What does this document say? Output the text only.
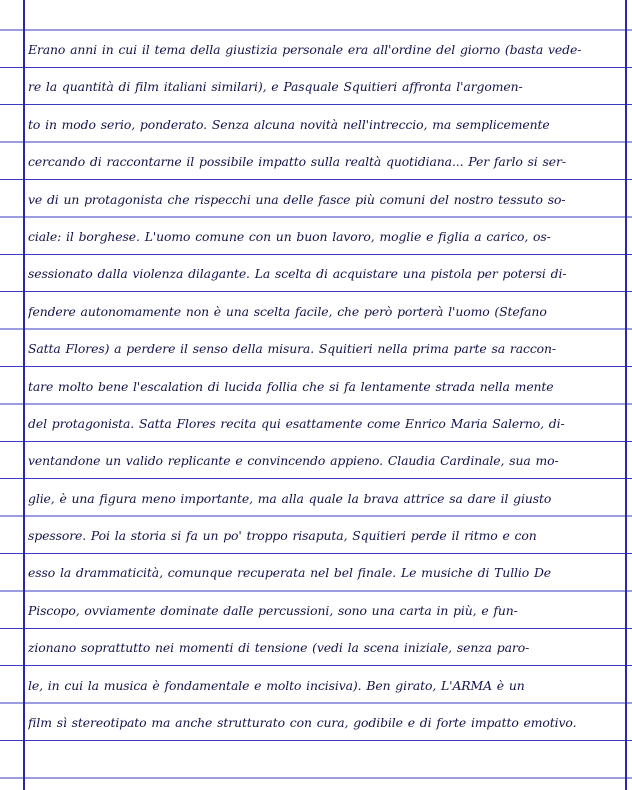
Erano anni in cui il tema della giustizia personale era all'ordine del giorno (basta vede-
re la quantità di film italiani similari), e Pasquale Squitieri affronta l'argomen-
to in modo serio, ponderato. Senza alcuna novità nell'intreccio, ma semplicemente
cercando di raccontarne il possibile impatto sulla realtà quotidiana... Per farlo si ser-
ve di un protagonista che rispecchi una delle fasce più comuni del nostro tessuto so-
ciale: il borghese. L'uomo comune con un buon lavoro, moglie e figlia a carico, os-
sessionato dalla violenza dilagante. La scelta di acquistare una pistola per potersi di-
fendere autonomamente non è una scelta facile, che però porterà l'uomo (Stefano
Satta Flores) a perdere il senso della misura. Squitieri nella prima parte sa raccon-
tare molto bene l'escalation di lucida follia che si fa lentamente strada nella mente
del protagonista. Satta Flores recita qui esattamente come Enrico Maria Salerno, di-
ventandone un valido replicante e convincendo appieno. Claudia Cardinale, sua mo-
glie, è una figura meno importante, ma alla quale la brava attrice sa dare il giusto
spessore. Poi la storia si fa un po' troppo risaputa, Squitieri perde il ritmo e con
esso la drammaticità, comunque recuperata nel bel finale. Le musiche di Tullio De
Piscopo, ovviamente dominate dalle percussioni, sono una carta in più, e fun-
zionano soprattutto nei momenti di tensione (vedi la scena iniziale, senza paro-
le, in cui la musica è fondamentale e molto incisiva). Ben girato, L'ARMA è un
film sì stereotipato ma anche strutturato con cura, godibile e di forte impatto emotivo.
